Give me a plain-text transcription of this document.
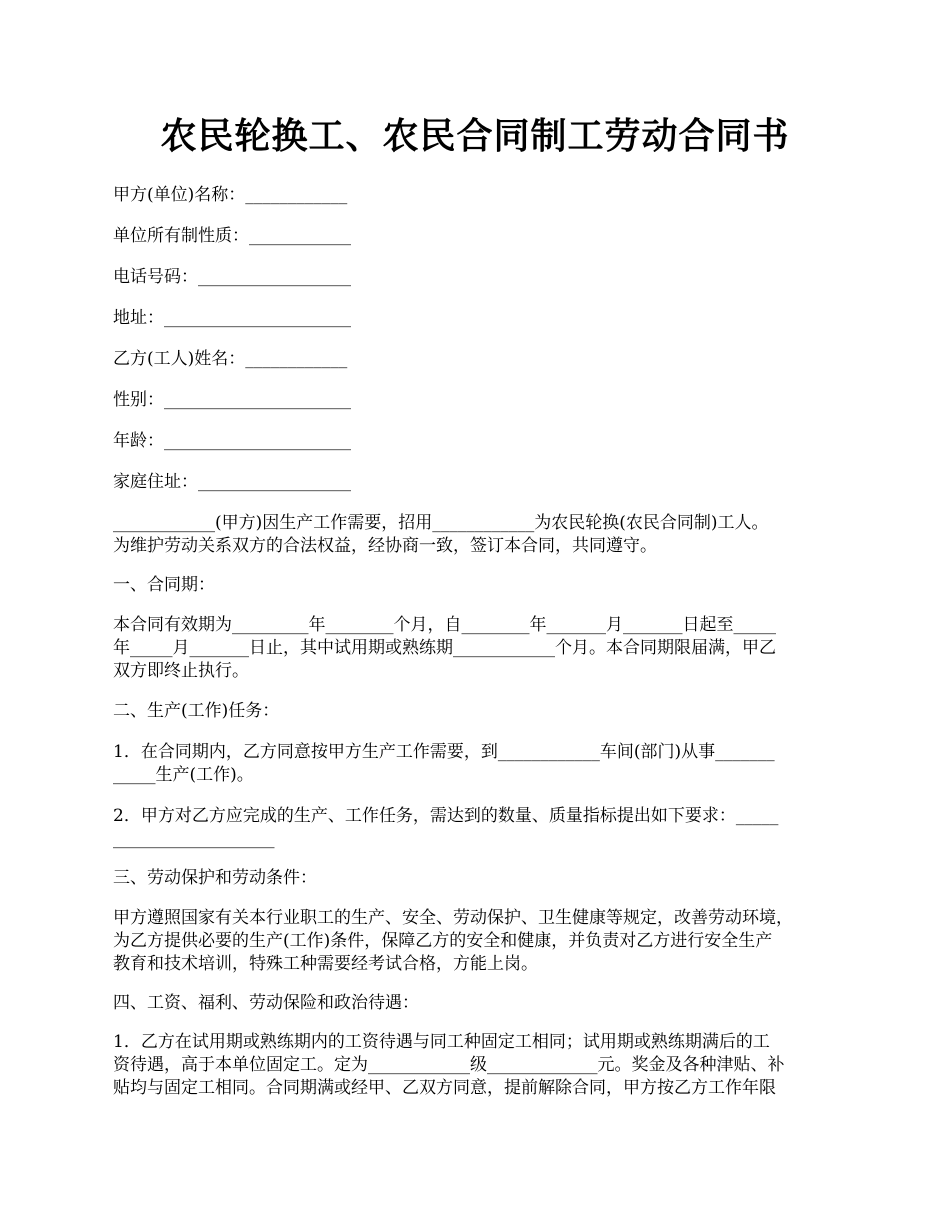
农民轮换工、农民合同制工劳动合同书
甲方(单位)名称：____________
单位所有制性质：____________
电话号码：__________________
地址：______________________
乙方(工人)姓名：____________
性别：______________________
年龄：______________________
家庭住址：__________________
____________(甲方)因生产工作需要，招用____________为农民轮换(农民合同制)工人。
为维护劳动关系双方的合法权益，经协商一致，签订本合同，共同遵守。
一、合同期：
本合同有效期为_________年________个月，自________年_______月_______日起至_____
年_____月_______日止，其中试用期或熟练期____________个月。本合同期限届满，甲乙
双方即终止执行。
二、生产(工作)任务：
1．在合同期内，乙方同意按甲方生产工作需要，到____________车间(部门)从事_______
_____生产(工作)。
2．甲方对乙方应完成的生产、工作任务，需达到的数量、质量指标提出如下要求：_____
___________________
三、劳动保护和劳动条件：
甲方遵照国家有关本行业职工的生产、安全、劳动保护、卫生健康等规定，改善劳动环境，
为乙方提供必要的生产(工作)条件，保障乙方的安全和健康，并负责对乙方进行安全生产
教育和技术培训，特殊工种需要经考试合格，方能上岗。
四、工资、福利、劳动保险和政治待遇：
1．乙方在试用期或熟练期内的工资待遇与同工种固定工相同；试用期或熟练期满后的工
资待遇，高于本单位固定工。定为____________级_____________元。奖金及各种津贴、补
贴均与固定工相同。合同期满或经甲、乙双方同意，提前解除合同，甲方按乙方工作年限
